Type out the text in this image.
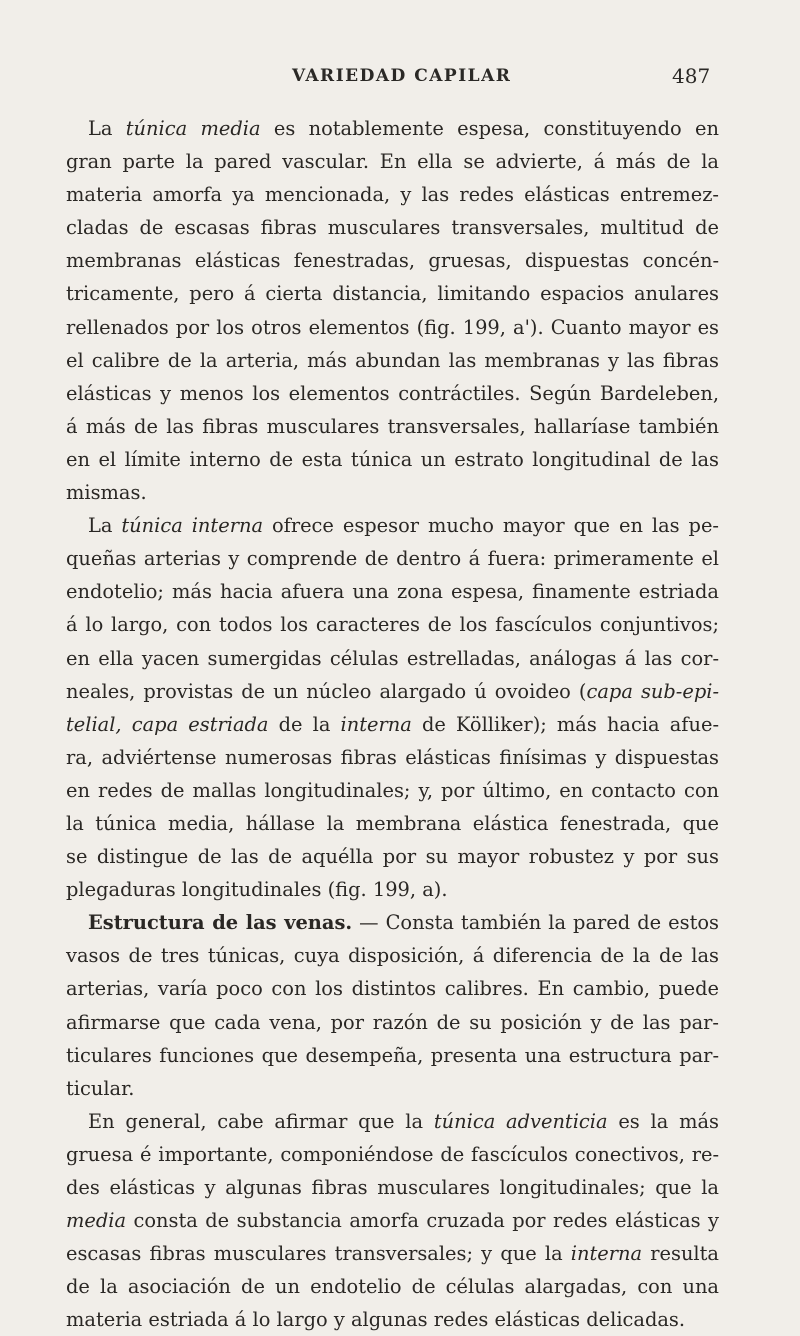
VARIEDAD CAPILAR	487
La túnica media es notablemente espesa, constituyendo en
gran parte la pared vascular. En ella se advierte, á más de la
materia amorfa ya mencionada, y las redes elásticas entremez-
cladas de escasas fibras musculares transversales, multitud de
membranas elásticas fenestradas, gruesas, dispuestas concén-
tricamente, pero á cierta distancia, limitando espacios anulares
rellenados por los otros elementos (fig. 199, a'). Cuanto mayor es
el calibre de la arteria, más abundan las membranas y las fibras
elásticas y menos los elementos contráctiles. Según Bardeleben,
á más de las fibras musculares transversales, hallaríase también
en el límite interno de esta túnica un estrato longitudinal de las
mismas.
La túnica interna ofrece espesor mucho mayor que en las pe-
queñas arterias y comprende de dentro á fuera: primeramente el
endotelio; más hacia afuera una zona espesa, finamente estriada
á lo largo, con todos los caracteres de los fascículos conjuntivos;
en ella yacen sumergidas células estrelladas, análogas á las cor-
neales, provistas de un núcleo alargado ú ovoideo (capa sub-epi-
telial, capa estriada de la interna de Kölliker); más hacia afue-
ra, adviértense numerosas fibras elásticas finísimas y dispuestas
en redes de mallas longitudinales; y, por último, en contacto con
la túnica media, hállase la membrana elástica fenestrada, que
se distingue de las de aquélla por su mayor robustez y por sus
plegaduras longitudinales (fig. 199, a).
Estructura de las venas. — Consta también la pared de estos
vasos de tres túnicas, cuya disposición, á diferencia de la de las
arterias, varía poco con los distintos calibres. En cambio, puede
afirmarse que cada vena, por razón de su posición y de las par-
ticulares funciones que desempeña, presenta una estructura par-
ticular.
En general, cabe afirmar que la túnica adventicia es la más
gruesa é importante, componiéndose de fascículos conectivos, re-
des elásticas y algunas fibras musculares longitudinales; que la
media consta de substancia amorfa cruzada por redes elásticas y
escasas fibras musculares transversales; y que la interna resulta
de la asociación de un endotelio de células alargadas, con una
materia estriada á lo largo y algunas redes elásticas delicadas.
